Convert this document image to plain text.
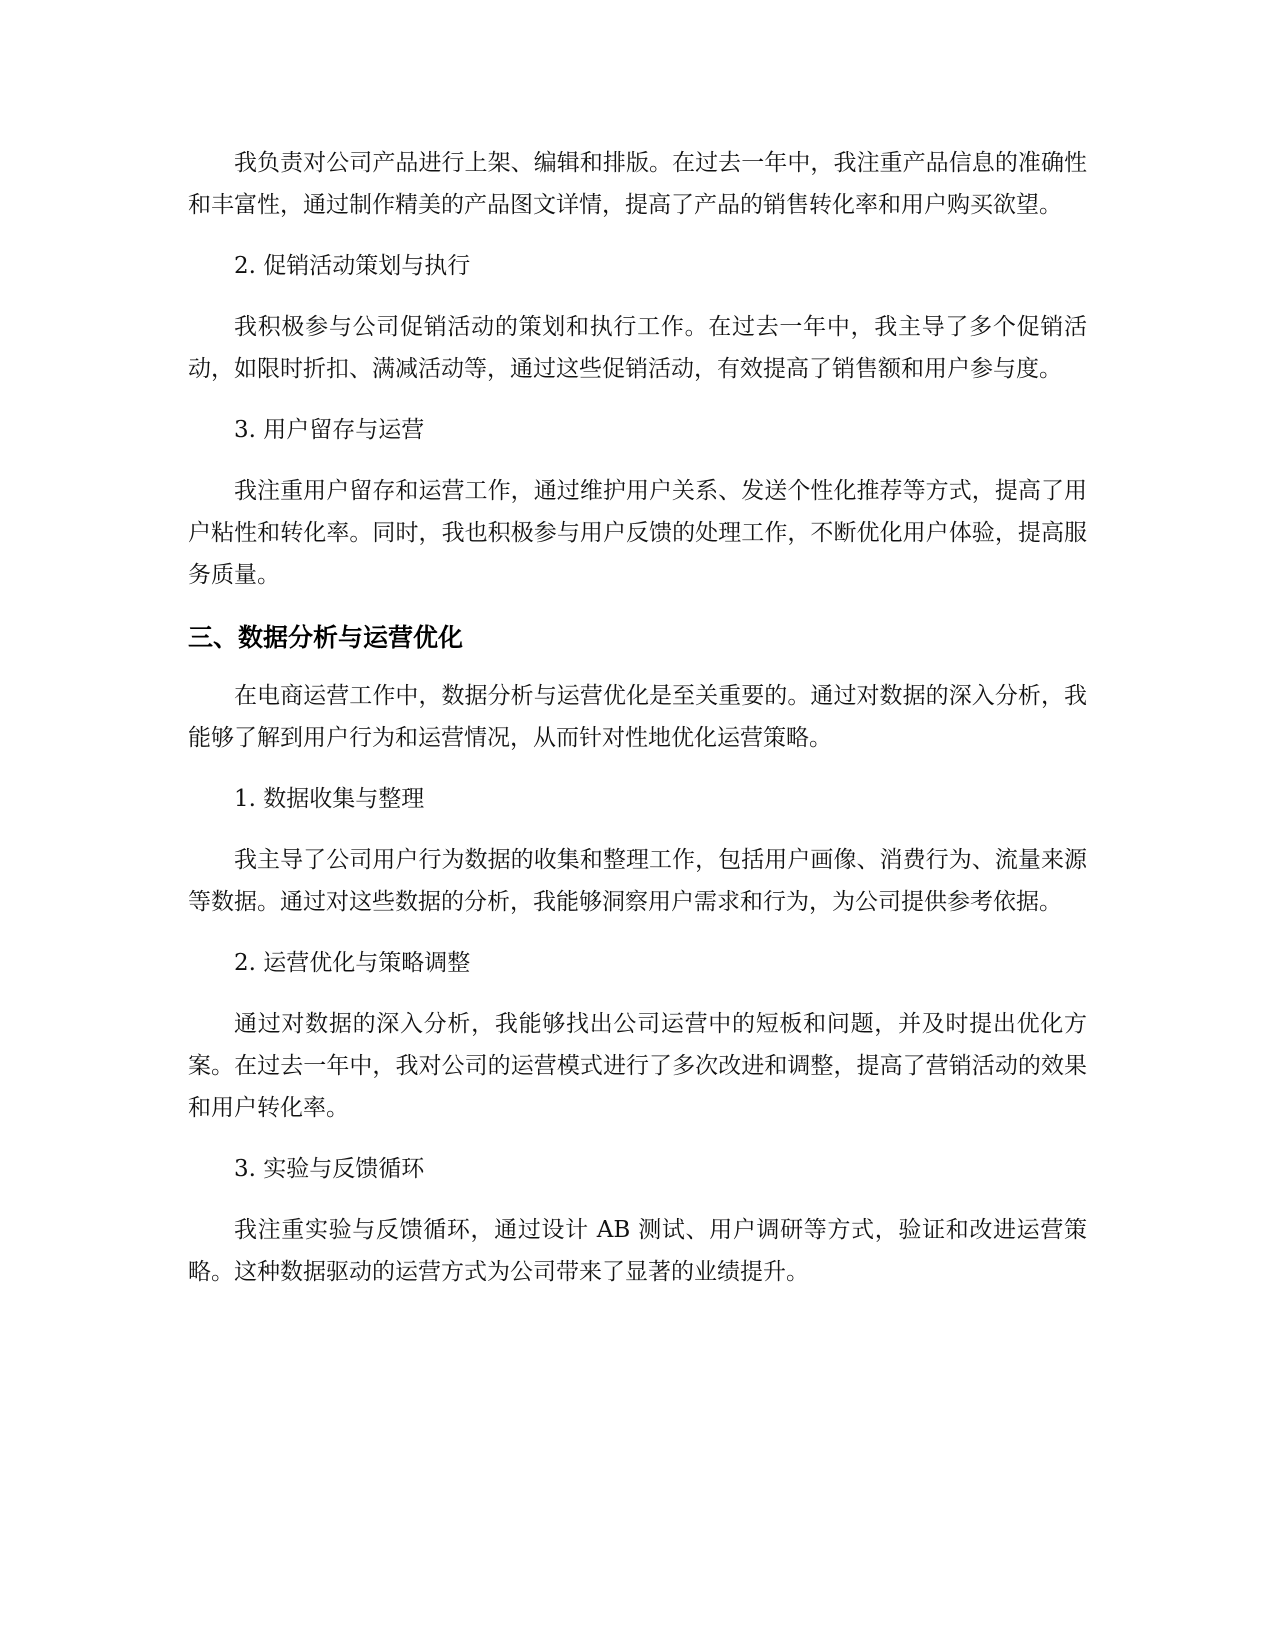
我负责对公司产品进行上架、编辑和排版。在过去一年中，我注重产品信息的准确性和丰富性，通过制作精美的产品图文详情，提高了产品的销售转化率和用户购买欲望。

2. 促销活动策划与执行

我积极参与公司促销活动的策划和执行工作。在过去一年中，我主导了多个促销活动，如限时折扣、满减活动等，通过这些促销活动，有效提高了销售额和用户参与度。

3. 用户留存与运营

我注重用户留存和运营工作，通过维护用户关系、发送个性化推荐等方式，提高了用户粘性和转化率。同时，我也积极参与用户反馈的处理工作，不断优化用户体验，提高服务质量。

三、数据分析与运营优化

在电商运营工作中，数据分析与运营优化是至关重要的。通过对数据的深入分析，我能够了解到用户行为和运营情况，从而针对性地优化运营策略。

1. 数据收集与整理

我主导了公司用户行为数据的收集和整理工作，包括用户画像、消费行为、流量来源等数据。通过对这些数据的分析，我能够洞察用户需求和行为，为公司提供参考依据。

2. 运营优化与策略调整

通过对数据的深入分析，我能够找出公司运营中的短板和问题，并及时提出优化方案。在过去一年中，我对公司的运营模式进行了多次改进和调整，提高了营销活动的效果和用户转化率。

3. 实验与反馈循环

我注重实验与反馈循环，通过设计 AB 测试、用户调研等方式，验证和改进运营策略。这种数据驱动的运营方式为公司带来了显著的业绩提升。
